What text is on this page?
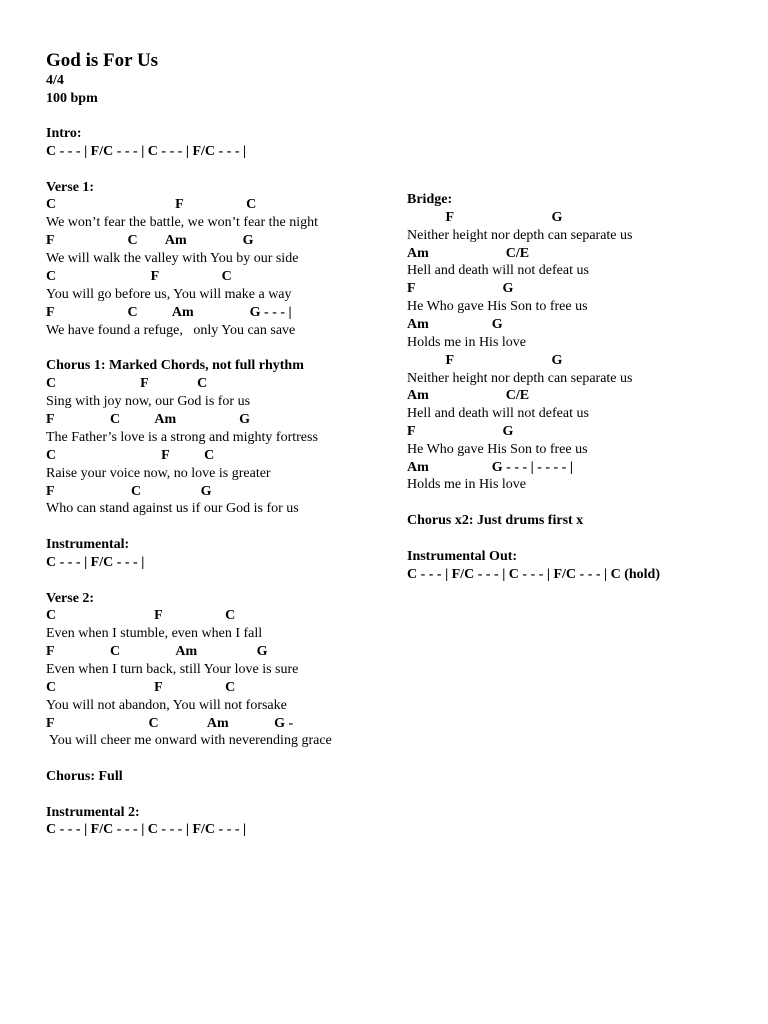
God is For Us
4/4
100 bpm
Intro:
C - - - | F/C - - - | C - - - | F/C - - - |
Verse 1:
C                                  F                  C
We won’t fear the battle, we won’t fear the night
F                     C        Am                G
We will walk the valley with You by our side
C                           F                  C
You will go before us, You will make a way
F                     C          Am                G - - - |
We have found a refuge,   only You can save
Chorus 1: Marked Chords, not full rhythm
C                        F              C
Sing with joy now, our God is for us
F                C          Am                  G
The Father’s love is a strong and mighty fortress
C                              F          C
Raise your voice now, no love is greater
F                      C                 G
Who can stand against us if our God is for us
Instrumental:
C - - - | F/C - - - |
Verse 2:
C                            F                  C
Even when I stumble, even when I fall
F                C                Am                 G
Even when I turn back, still Your love is sure
C                            F                  C
You will not abandon, You will not forsake
F                           C              Am             G -
You will cheer me onward with neverending grace
Chorus: Full
Instrumental 2:
C - - - | F/C - - - | C - - - | F/C - - - |
Bridge:
F                            G
Neither height nor depth can separate us
Am                      C/E
Hell and death will not defeat us
F                         G
He Who gave His Son to free us
Am                  G
Holds me in His love
F                            G
Neither height nor depth can separate us
Am                      C/E
Hell and death will not defeat us
F                         G
He Who gave His Son to free us
Am                  G - - - | - - - - |
Holds me in His love
Chorus x2: Just drums first x
Instrumental Out:
C - - - | F/C - - - | C - - - | F/C - - - | C (hold)
